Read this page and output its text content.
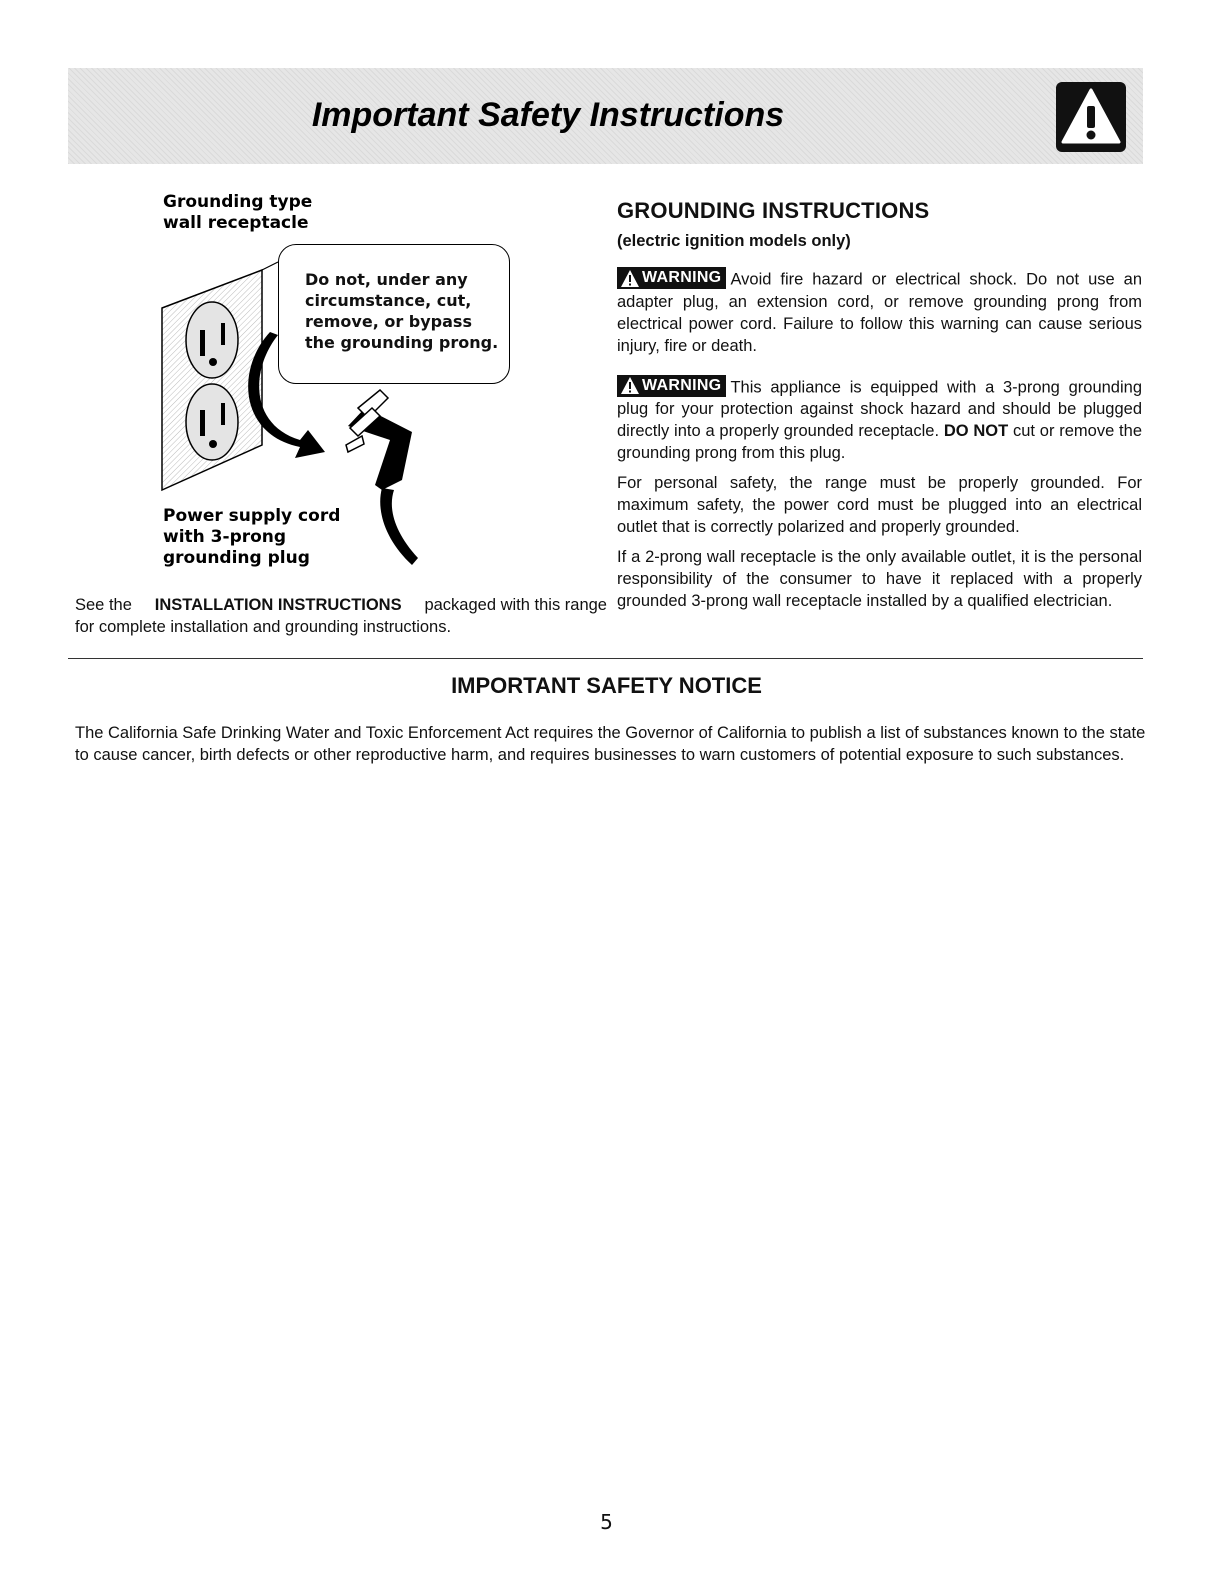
Important Safety Instructions
Grounding type
wall receptacle
Do not, under any
circumstance, cut,
remove, or bypass
the grounding prong.
Power supply cord
with 3-prong
grounding plug
See the INSTALLATION INSTRUCTIONS packaged with this range
for complete installation and grounding instructions.
GROUNDING INSTRUCTIONS
(electric ignition models only)
WARNING Avoid fire hazard or electrical shock. Do not use an adapter plug, an extension cord, or remove grounding prong from electrical power cord. Failure to follow this warning can cause serious injury, fire or death.
WARNING This appliance is equipped with a 3-prong grounding plug for your protection against shock hazard and should be plugged directly into a properly grounded receptacle. DO NOT cut or remove the grounding prong from this plug.
For personal safety, the range must be properly grounded. For maximum safety, the power cord must be plugged into an electrical outlet that is correctly polarized and properly grounded.
If a 2-prong wall receptacle is the only available outlet, it is the personal responsibility of the consumer to have it replaced with a properly grounded 3-prong wall receptacle installed by a qualified electrician.
IMPORTANT SAFETY NOTICE
The California Safe Drinking Water and Toxic Enforcement Act requires the Governor of California to publish a list of substances known to the state to cause cancer, birth defects or other reproductive harm, and requires businesses to warn customers of potential exposure to such substances.
5
